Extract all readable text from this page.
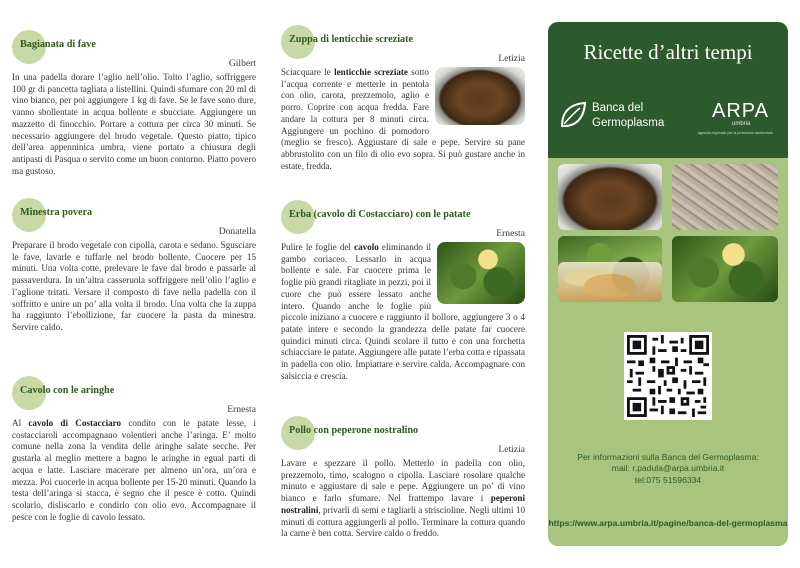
Bagianata di fave
Gilbert
In una padella dorare l’aglio nell’olio. Tolto l’aglio, soffriggere 100 gr di pancetta tagliata a listellini. Quindi sfumare con 20 ml di vino bianco, per poi aggiungere 1 kg di fave. Se le fave sono dure, vanno sbollentate in acqua bollente e sbucciate. Aggiungere un mazzetto di finocchio. Portare a cottura per circa 30 minuti. Se necessario aggiungere del brodo vegetale. Questo piatto, tipico dell’area appenninica umbra, viene portato a chiusura degli antipasti di Pasqua o servito come un buon contorno. Piatto povero ma gustoso.
Minestra povera
Donatella
Preparare il brodo vegetale con cipolla, carota e sedano. Sgusciare le fave, lavarle e tuffarle nel brodo bollente. Cuocere per 15 minuti. Una volta cotte, prelevare le fave dal brodo e passarle al passaverdura. In un’altra casseruola soffriggere nell’olio l’aglio e l’aglione tritati. Versare il composto di fave nella padella con il soffritto e unire un po’ alla volta il brodo. Una volta che la zuppa ha raggiunto l’ebollizione, far cuocere la pasta da minestra. Servire caldo.
Cavolo con le aringhe
Ernesta
Al cavolo di Costacciaro condito con le patate lesse, i costacciaroli accompagnano volentieri anche l’aringa. E’ molto comune nella zona la vendita delle aringhe salate secche. Per gustarla al meglio mettere a bagno le aringhe in egual parti di acqua e latte. Lasciare macerare per almeno un’ora, un’ora e mezza. Poi cuocerle in acqua bollente per 15-20 minuti. Quando la testa dell’aringa si stacca, è segno che il pesce è cotto. Quindi scolarlo, disliscarlo e condirlo con olio evo. Accompagnare il pesce con le foglie di cavolo lessato.
Zuppa di lenticchie screziate
Letizia
Sciacquare le lenticchie screziate sotto l’acqua corrente e metterle in pentola con olio, carota, prezzemolo, aglio e porro. Coprire con acqua fredda. Fare andare la cottura per 8 minuti circa. Aggiungere un pochino di pomodoro (meglio se fresco). Aggiustare di sale e pepe. Servire su pane abbrustolito con un filo di olio evo sopra. Si può gustare anche in estate, fredda.
Erba (cavolo di Costacciaro) con le patate
Ernesta
Pulire le foglie del cavolo eliminando il gambo coriaceo. Lessarlo in acqua bollente e sale. Far cuocere prima le foglie più grandi ritagliate in pezzi, poi il cuore che può essere lessato anche intero. Quando anche le foglie più piccole iniziano a cuocere e raggiunto il bollore, aggiungere 3 o 4 patate intere e secondo la grandezza delle patate far cuocere quindici minuti circa. Quindi scolare il tutto e con una forchetta schiacciare le patate. Aggiungere alle patate l’erba cotta e ripassata in padella con olio. Impiattare e servire calda. Accompagnare con salsiccia e crescia.
Pollo con peperone nostralino
Letizia
Lavare e spezzare il pollo. Metterlo in padella con olio, prezzemolo, timo, scalogno o cipolla. Lasciare rosolare qualche minuto e aggiustare di sale e pepe. Aggiungere un po’ di vino bianco e farlo sfumare. Nel frattempo lavare i peperoni nostralini, privarli di semi e tagliarli a striscioline. Negli ultimi 10 minuti di cottura aggiungerli al pollo. Terminare la cottura quando la carne è ben cotta. Servire caldo o freddo.
Ricette d’altri tempi
Banca del
Germoplasma
ARPA
umbria
agenzia regionale per la protezione ambientale
Per informazioni sulla Banca del Germoplasma:
mail: r.padula@arpa.umbria.it
tel:075 51596334
https://www.arpa.umbria.it/pagine/banca-del-germoplasma
